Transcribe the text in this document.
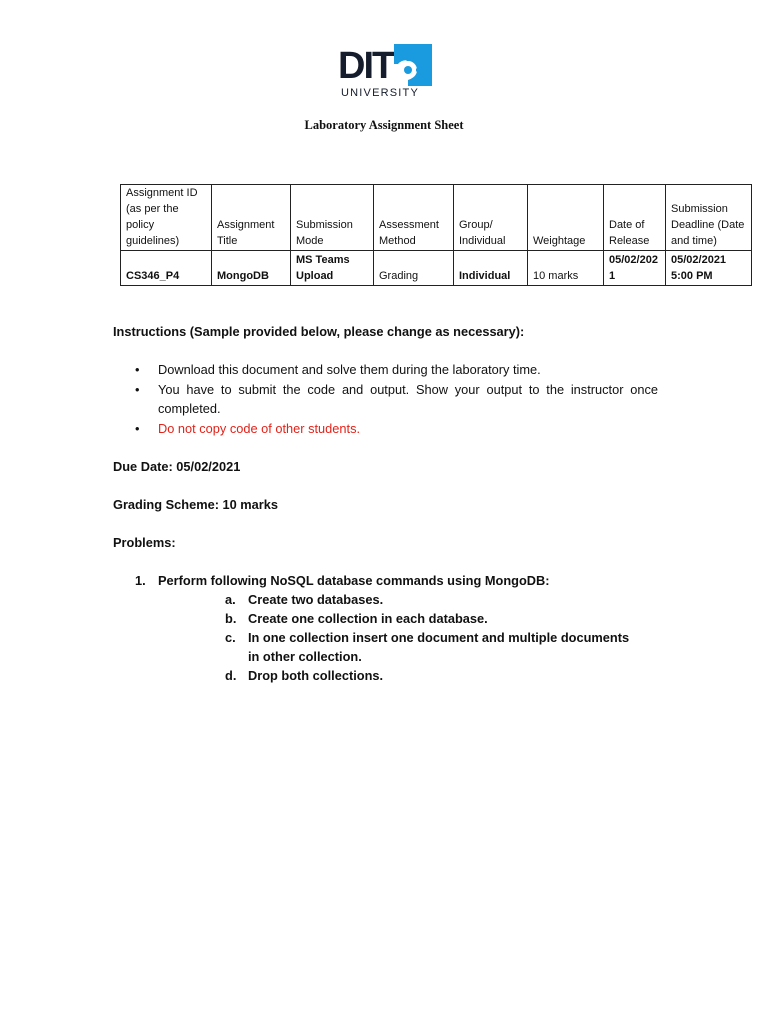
DIT
UNIVERSITY
Laboratory Assignment Sheet
Assignment ID (as per the policy guidelines)	Assignment Title	Submission Mode	Assessment Method	Group/ Individual	Weightage	Date of Release	Submission Deadline (Date and time)
CS346_P4	MongoDB	MS Teams Upload	Grading	Individual	10 marks	05/02/2021	05/02/2021 5:00 PM
Instructions (Sample provided below, please change as necessary):
• Download this document and solve them during the laboratory time.
• You have to submit the code and output. Show your output to the instructor once completed.
• Do not copy code of other students.
Due Date: 05/02/2021
Grading Scheme: 10 marks
Problems:
1. Perform following NoSQL database commands using MongoDB:
a. Create two databases.
b. Create one collection in each database.
c. In one collection insert one document and multiple documents in other collection.
d. Drop both collections.
